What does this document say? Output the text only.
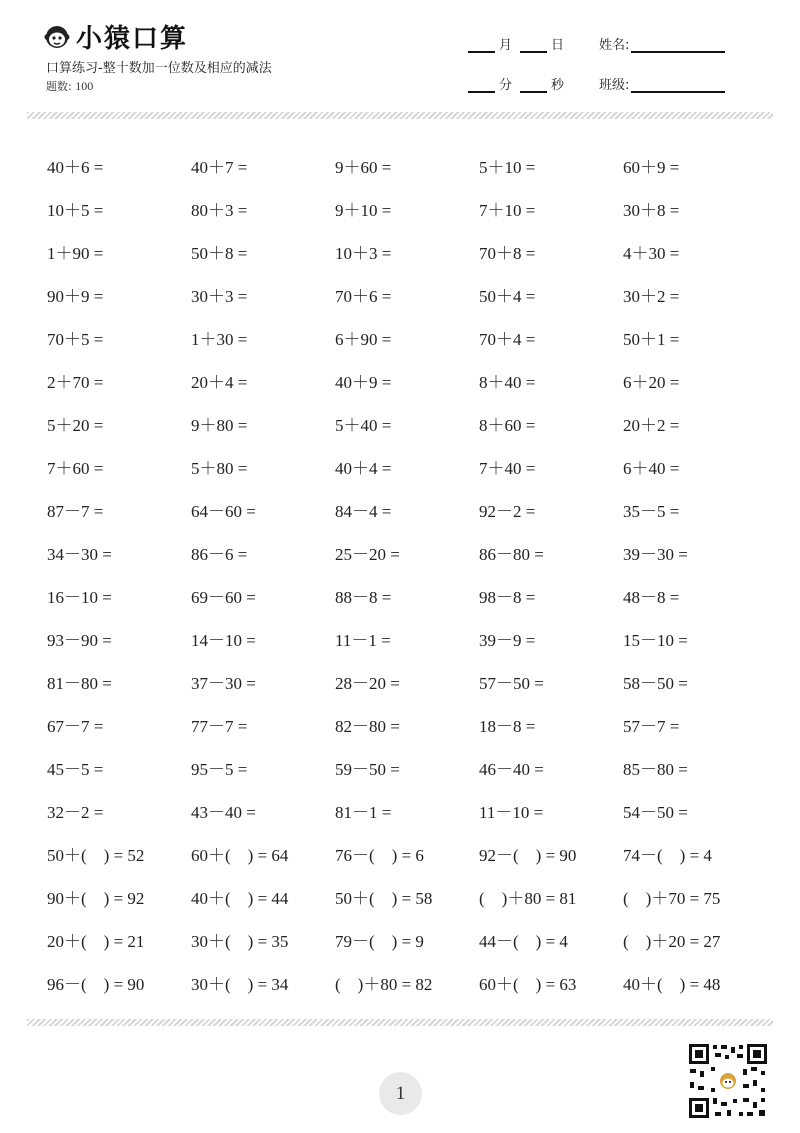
小猿口算
口算练习-整十数加一位数及相应的减法
题数: 100
月	日
分	秒
姓名:
班级:
40＋6 =	40＋7 =	9＋60 =	5＋10 =	60＋9 =
10＋5 =	80＋3 =	9＋10 =	7＋10 =	30＋8 =
1＋90 =	50＋8 =	10＋3 =	70＋8 =	4＋30 =
90＋9 =	30＋3 =	70＋6 =	50＋4 =	30＋2 =
70＋5 =	1＋30 =	6＋90 =	70＋4 =	50＋1 =
2＋70 =	20＋4 =	40＋9 =	8＋40 =	6＋20 =
5＋20 =	9＋80 =	5＋40 =	8＋60 =	20＋2 =
7＋60 =	5＋80 =	40＋4 =	7＋40 =	6＋40 =
87－7 =	64－60 =	84－4 =	92－2 =	35－5 =
34－30 =	86－6 =	25－20 =	86－80 =	39－30 =
16－10 =	69－60 =	88－8 =	98－8 =	48－8 =
93－90 =	14－10 =	11－1 =	39－9 =	15－10 =
81－80 =	37－30 =	28－20 =	57－50 =	58－50 =
67－7 =	77－7 =	82－80 =	18－8 =	57－7 =
45－5 =	95－5 =	59－50 =	46－40 =	85－80 =
32－2 =	43－40 =	81－1 =	11－10 =	54－50 =
50＋(    ) = 52	60＋(    ) = 64	76－(    ) = 6	92－(    ) = 90	74－(    ) = 4
90＋(    ) = 92	40＋(    ) = 44	50＋(    ) = 58	(    )＋80 = 81	(    )＋70 = 75
20＋(    ) = 21	30＋(    ) = 35	79－(    ) = 9	44－(    ) = 4	(    )＋20 = 27
96－(    ) = 90	30＋(    ) = 34	(    )＋80 = 82	60＋(    ) = 63	40＋(    ) = 48
1
